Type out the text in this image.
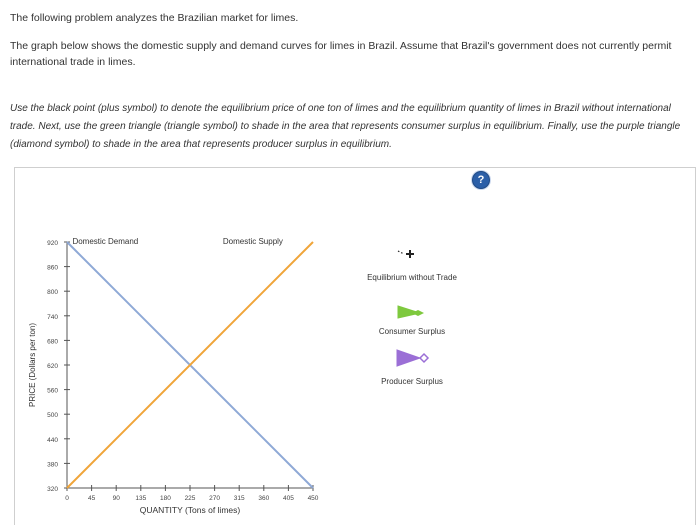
The following problem analyzes the Brazilian market for limes.

The graph below shows the domestic supply and demand curves for limes in Brazil. Assume that Brazil's government does not currently permit international trade in limes.

Use the black point (plus symbol) to denote the equilibrium price of one ton of limes and the equilibrium quantity of limes in Brazil without international trade. Next, use the green triangle (triangle symbol) to shade in the area that represents consumer surplus in equilibrium. Finally, use the purple triangle (diamond symbol) to shade in the area that represents producer surplus in equilibrium.

?
320
380
440
500
560
620
680
740
800
860
920
0	45	90 135 180 225 270 315 360 405 450
QUANTITY (Tons of limes)
PRICE (Dollars per ton)
Domestic Demand	Domestic Supply
Equilibrium without Trade
Consumer Surplus
Producer Surplus
